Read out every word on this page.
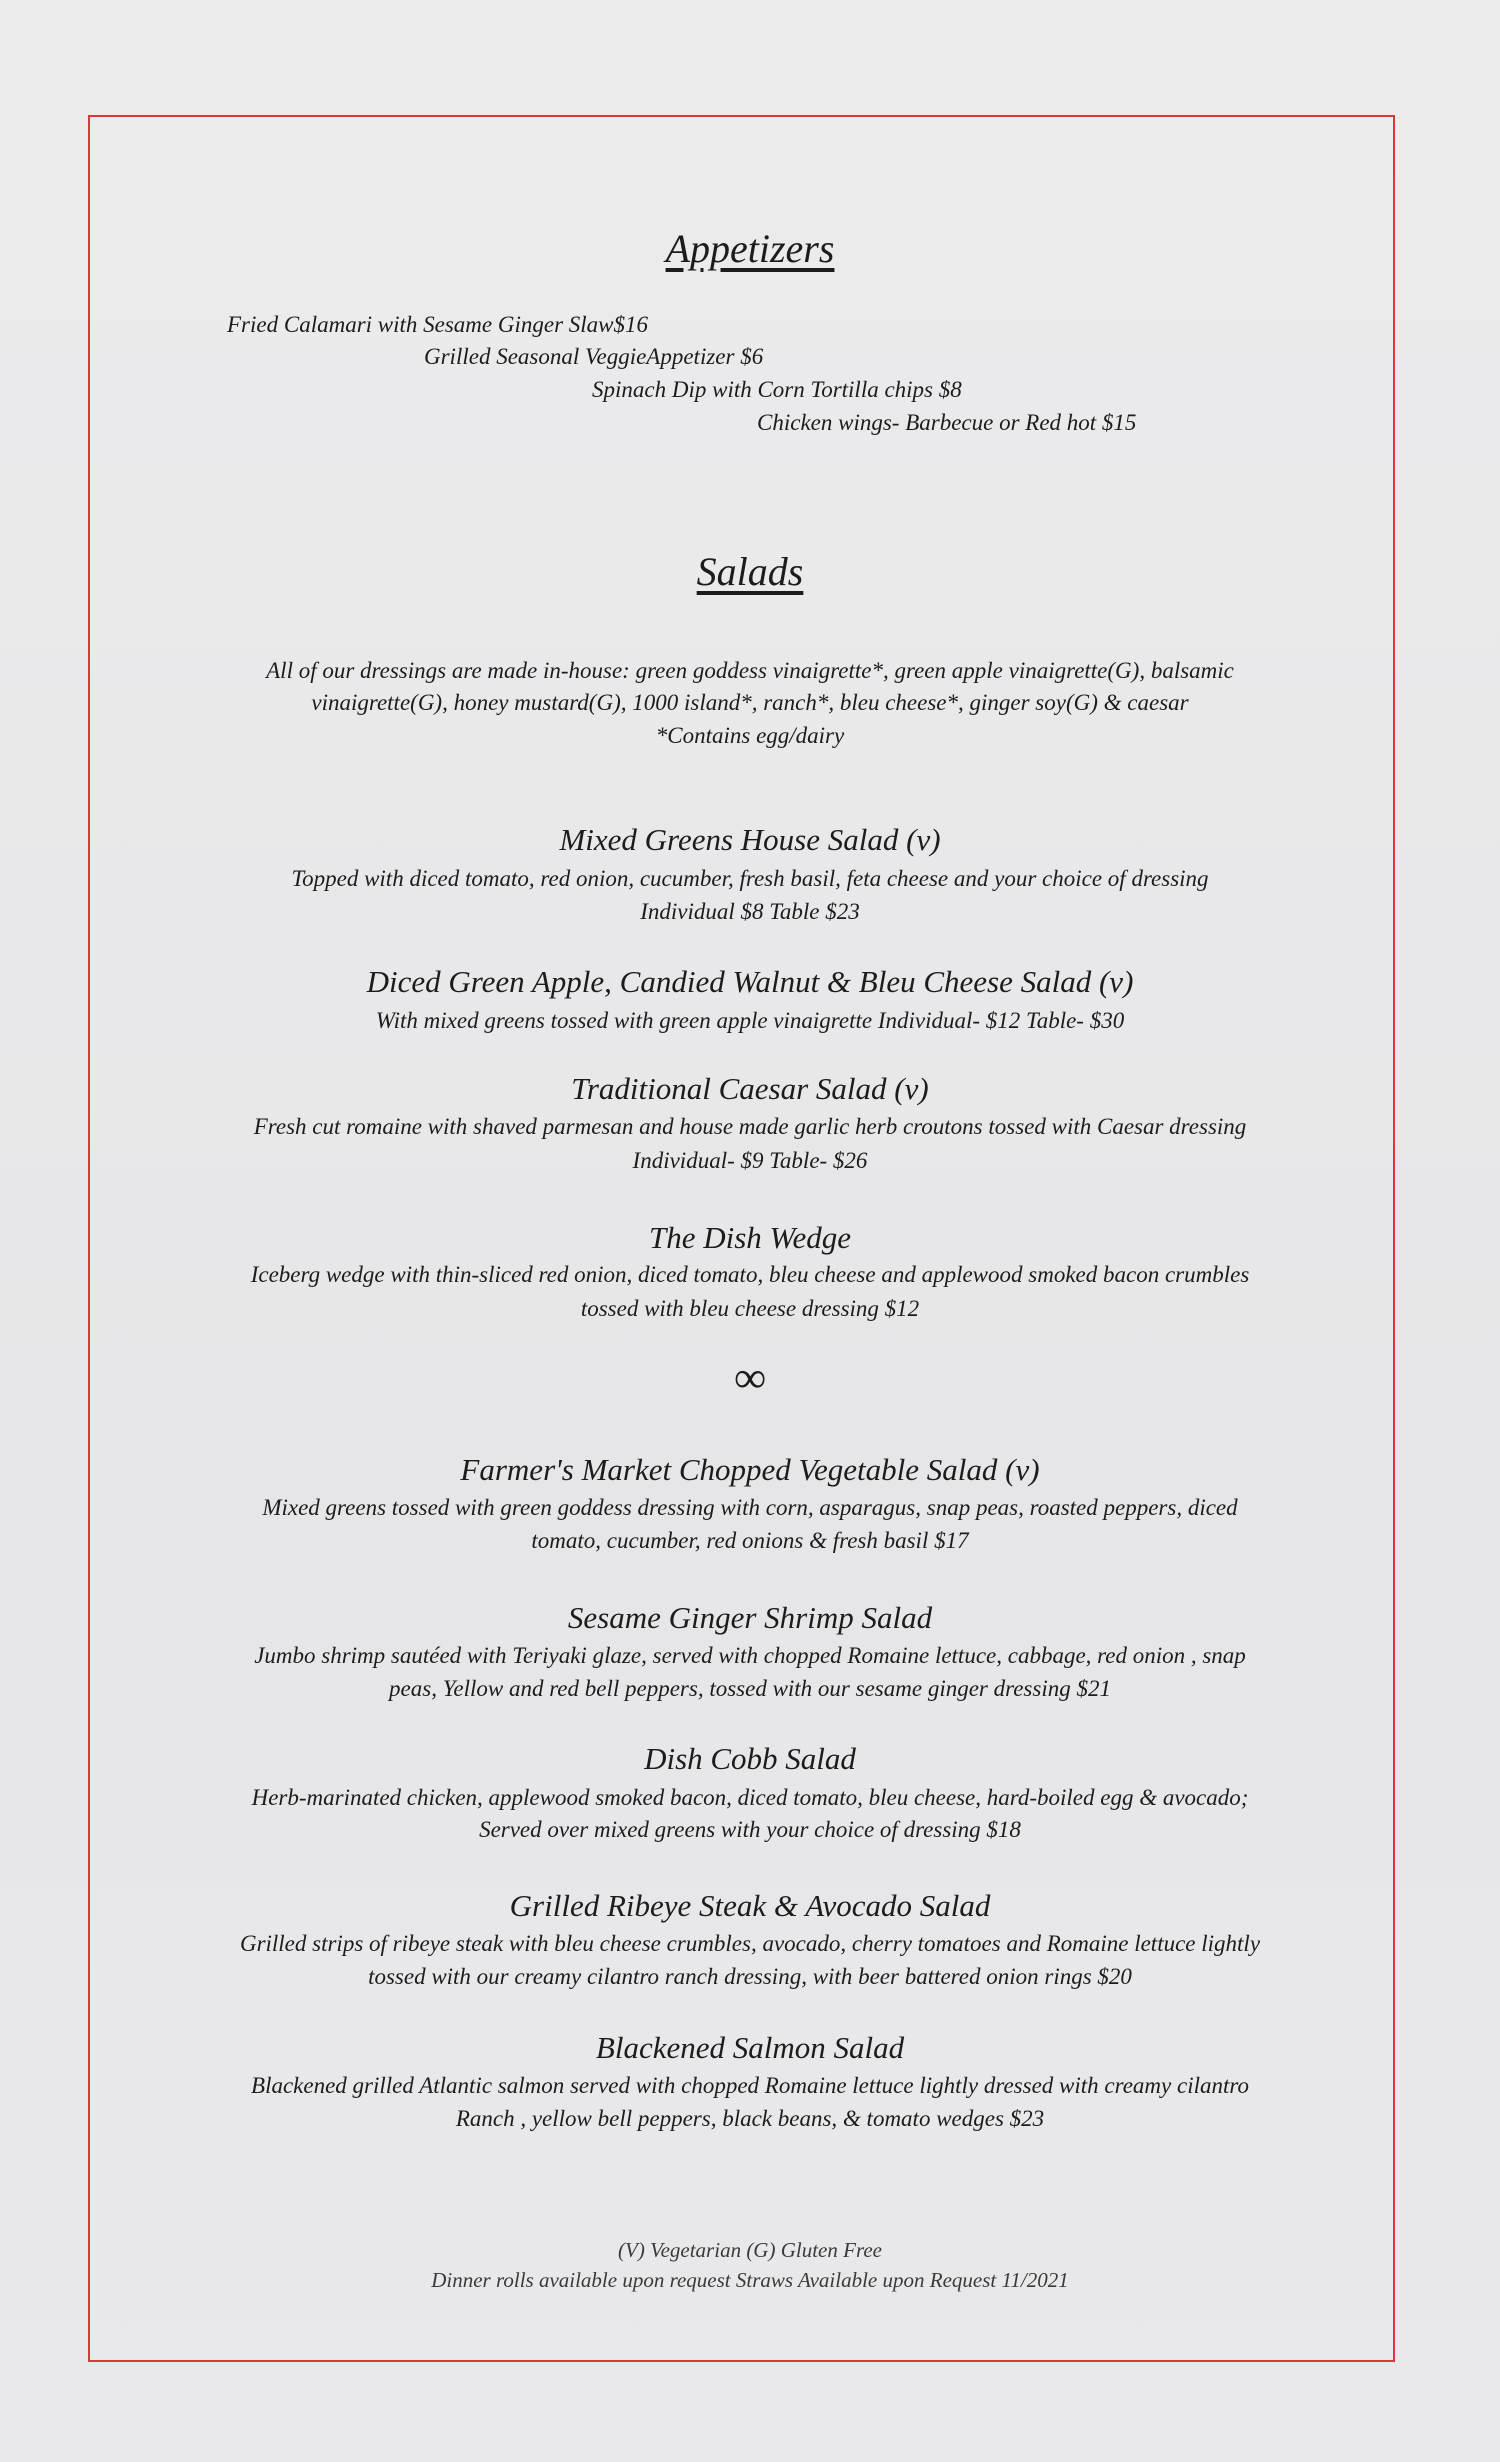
Appetizers
Fried Calamari with Sesame Ginger Slaw$16
Grilled Seasonal VeggieAppetizer $6
Spinach Dip with Corn Tortilla chips $8
Chicken wings- Barbecue or Red hot $15
Salads
All of our dressings are made in-house: green goddess vinaigrette*, green apple vinaigrette(G), balsamic
vinaigrette(G), honey mustard(G), 1000 island*, ranch*, bleu cheese*, ginger soy(G) & caesar
*Contains egg/dairy
Mixed Greens House Salad (v)
Topped with diced tomato, red onion, cucumber, fresh basil, feta cheese and your choice of dressing
Individual $8 Table $23
Diced Green Apple, Candied Walnut & Bleu Cheese Salad (v)
With mixed greens tossed with green apple vinaigrette Individual- $12 Table- $30
Traditional Caesar Salad (v)
Fresh cut romaine with shaved parmesan and house made garlic herb croutons tossed with Caesar dressing
Individual- $9 Table- $26
The Dish Wedge
Iceberg wedge with thin-sliced red onion, diced tomato, bleu cheese and applewood smoked bacon crumbles
tossed with bleu cheese dressing $12
∞
Farmer's Market Chopped Vegetable Salad (v)
Mixed greens tossed with green goddess dressing with corn, asparagus, snap peas, roasted peppers, diced
tomato, cucumber, red onions & fresh basil $17
Sesame Ginger Shrimp Salad
Jumbo shrimp sautéed with Teriyaki glaze, served with chopped Romaine lettuce, cabbage, red onion , snap
peas, Yellow and red bell peppers, tossed with our sesame ginger dressing $21
Dish Cobb Salad
Herb-marinated chicken, applewood smoked bacon, diced tomato, bleu cheese, hard-boiled egg & avocado;
Served over mixed greens with your choice of dressing $18
Grilled Ribeye Steak & Avocado Salad
Grilled strips of ribeye steak with bleu cheese crumbles, avocado, cherry tomatoes and Romaine lettuce lightly
tossed with our creamy cilantro ranch dressing, with beer battered onion rings $20
Blackened Salmon Salad
Blackened grilled Atlantic salmon served with chopped Romaine lettuce lightly dressed with creamy cilantro
Ranch , yellow bell peppers, black beans, & tomato wedges $23
(V) Vegetarian (G) Gluten Free
Dinner rolls available upon request Straws Available upon Request 11/2021
